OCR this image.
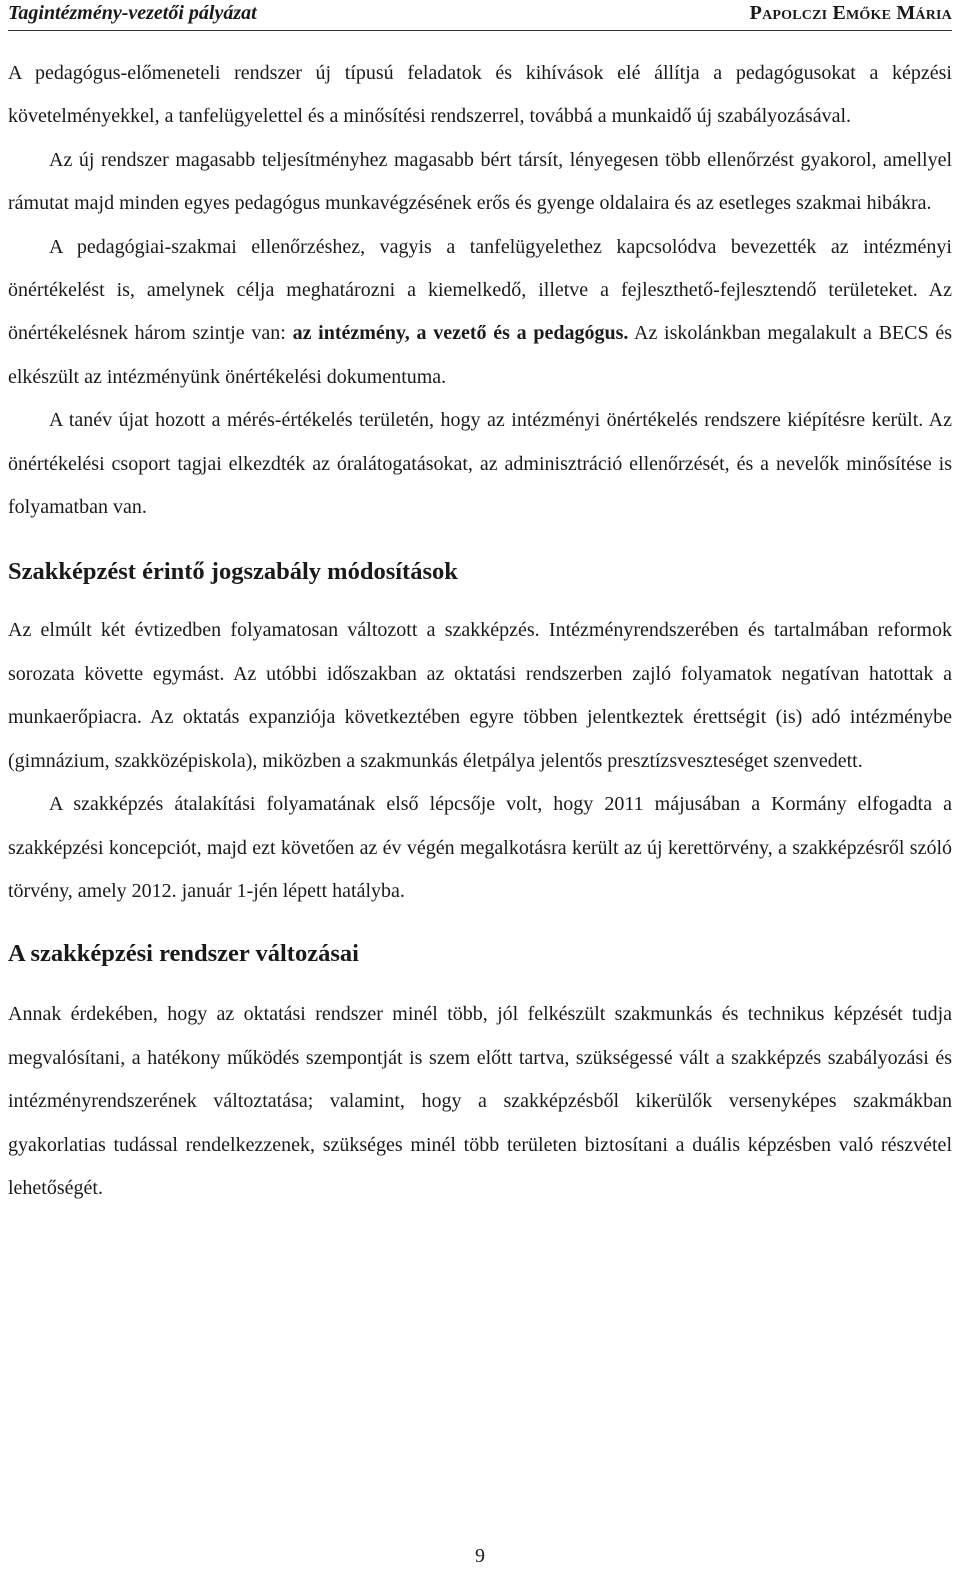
Tagintézmény-vezetői pályázat	Papolczi Emőke Mária

A pedagógus-előmeneteli rendszer új típusú feladatok és kihívások elé állítja a pedagógusokat a képzési követelményekkel, a tanfelügyelettel és a minősítési rendszerrel, továbbá a munkaidő új szabályozásával.

Az új rendszer magasabb teljesítményhez magasabb bért társít, lényegesen több ellenőrzést gyakorol, amellyel rámutat majd minden egyes pedagógus munkavégzésének erős és gyenge oldalaira és az esetleges szakmai hibákra.

A pedagógiai-szakmai ellenőrzéshez, vagyis a tanfelügyelethez kapcsolódva bevezették az intézményi önértékelést is, amelynek célja meghatározni a kiemelkedő, illetve a fejleszthető-fejlesztendő területeket. Az önértékelésnek három szintje van: az intézmény, a vezető és a pedagógus. Az iskolánkban megalakult a BECS és elkészült az intézményünk önértékelési dokumentuma.

A tanév újat hozott a mérés-értékelés területén, hogy az intézményi önértékelés rendszere kiépítésre került. Az önértékelési csoport tagjai elkezdték az óralátogatásokat, az adminisztráció ellenőrzését, és a nevelők minősítése is folyamatban van.

Szakképzést érintő jogszabály módosítások

Az elmúlt két évtizedben folyamatosan változott a szakképzés. Intézményrendszerében és tartalmában reformok sorozata követte egymást. Az utóbbi időszakban az oktatási rendszerben zajló folyamatok negatívan hatottak a munkaerőpiacra. Az oktatás expanziója következtében egyre többen jelentkeztek érettségit (is) adó intézménybe (gimnázium, szakközépiskola), miközben a szakmunkás életpálya jelentős presztízsveszteséget szenvedett.

A szakképzés átalakítási folyamatának első lépcsője volt, hogy 2011 májusában a Kormány elfogadta a szakképzési koncepciót, majd ezt követően az év végén megalkotásra került az új kerettörvény, a szakképzésről szóló törvény, amely 2012. január 1-jén lépett hatályba.

A szakképzési rendszer változásai

Annak érdekében, hogy az oktatási rendszer minél több, jól felkészült szakmunkás és technikus képzését tudja megvalósítani, a hatékony működés szempontját is szem előtt tartva, szükségessé vált a szakképzés szabályozási és intézményrendszerének változtatása; valamint, hogy a szakképzésből kikerülők versenyképes szakmákban gyakorlatias tudással rendelkezzenek, szükséges minél több területen biztosítani a duális képzésben való részvétel lehetőségét.

9
